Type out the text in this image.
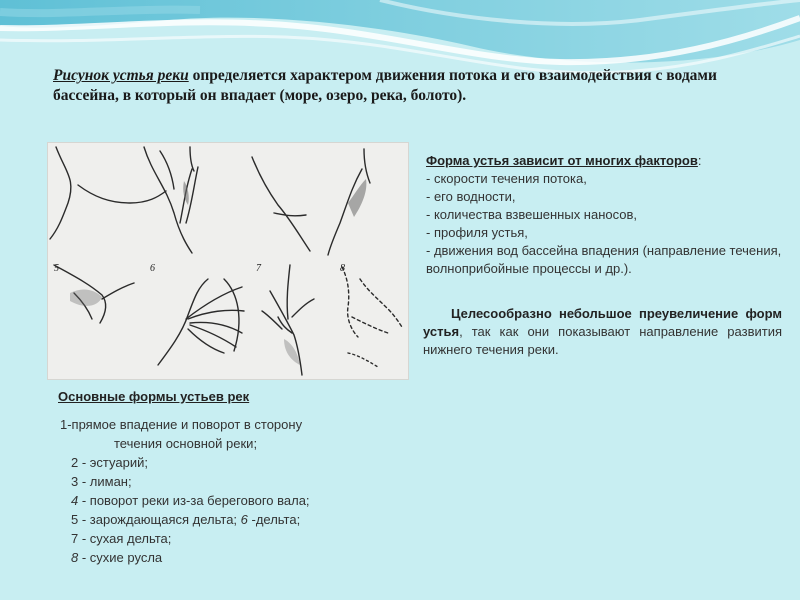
Рисунок устья реки определяется характером движения потока и его взаимодействия с водами бассейна, в который он впадает (море, озеро, река, болото).
5	6	7	8
Форма устья зависит от многих факторов:
- скорости течения потока,
- его водности,
- количества взвешенных наносов,
- профиля устья,
- движения вод бассейна впадения (направление течения, волноприбойные процессы и др.).
Целесообразно небольшое преувеличение форм устья, так как они показывают направление развития нижнего течения реки.
Основные формы устьев рек
1-прямое впадение и поворот в сторону
течения основной реки;
2 - эстуарий;
3 - лиман;
4 - поворот реки из-за берегового вала;
5 - зарождающаяся дельта; 6 -дельта;
7 - сухая дельта;
8 - сухие русла
